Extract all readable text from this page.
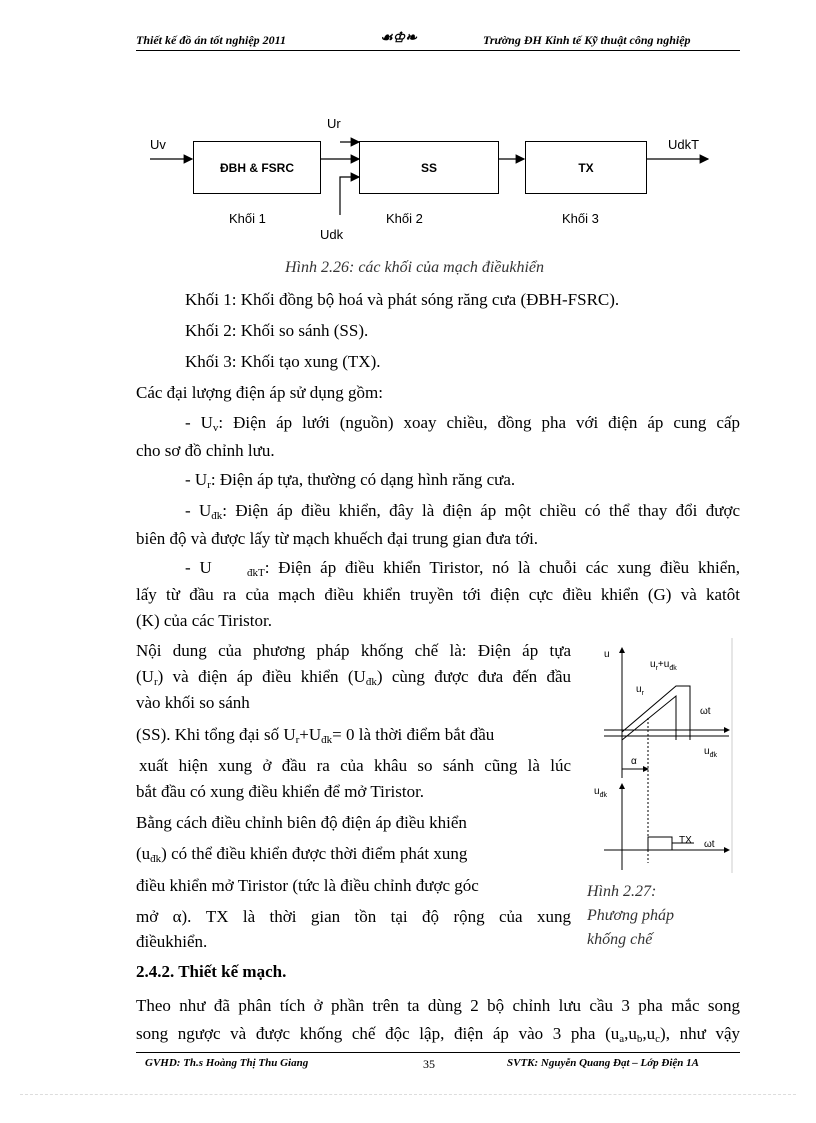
Thiết kế đồ án tốt nghiệp 2011	☙♔❧	Trường ĐH Kinh tế Kỹ thuật công nghiệp
Uv
Ur
Udk
UdkT
ĐBH & FSRC	SS	TX
Khối 1	Khối 2	Khối 3
Hình 2.26: các khối của mạch điềukhiển
Khối 1: Khối đồng bộ hoá và phát sóng răng cưa (ĐBH-FSRC).
Khối 2: Khối so sánh (SS).
Khối 3: Khối tạo xung (TX).
Các đại lượng điện áp sử dụng gồm:
- $U_v$: Điện áp lưới (nguồn) xoay chiều, đồng pha với điện áp cung cấp
cho sơ đồ chỉnh lưu.
- $U_r$: Điện áp tựa, thường có dạng hình răng cưa.
- $U_{đk}$: Điện áp điều khiển, đây là điện áp một chiều có thể thay đổi được
biên độ và được lấy từ mạch khuếch đại trung gian đưa tới.
- U	$_{đkT}$: Điện áp điều khiển Tiristor, nó là chuỗi các xung điều khiển,
lấy từ đầu ra của mạch điều khiển truyền tới điện cực điều khiển (G) và katôt
(K) của các Tiristor.
Nội dung của phương pháp khống chế là: Điện áp tựa
$(U_r)$ và điện áp điều khiển $(U_{đk})$ cùng được đưa đến đầu
vào khối so sánh
(SS). Khi tổng đại số $U_r+U_{đk}= 0$ là thời điểm bắt đầu
xuất hiện xung ở đầu ra của khâu so sánh cũng là lúc
bắt đầu có xung điều khiển để mở Tiristor.
Bằng cách điều chỉnh biên độ điện áp điều khiển
$(u_{đk})$ có thể điều khiển được thời điểm phát xung
điều khiển mở Tiristor (tức là điều chỉnh được góc
mở α). TX là thời gian tồn tại độ rộng của xung
điềukhiển.
u
$u_r+u_{đk}$
$u_r$
ωt
$u_{đk}$
α
$u_{đk}$
TX ωt
Hình 2.27:
Phương pháp
khống chế
2.4.2. Thiết kế mạch.
Theo như đã phân tích ở phần trên ta dùng 2 bộ chỉnh lưu cầu 3 pha mắc song
song ngược và được khống chế độc lập, điện áp vào 3 pha $(u_a,u_b,u_c)$, như vậy
GVHD: Th.s Hoàng Thị Thu Giang	35	SVTK: Nguyễn Quang Đạt – Lớp Điện 1A
